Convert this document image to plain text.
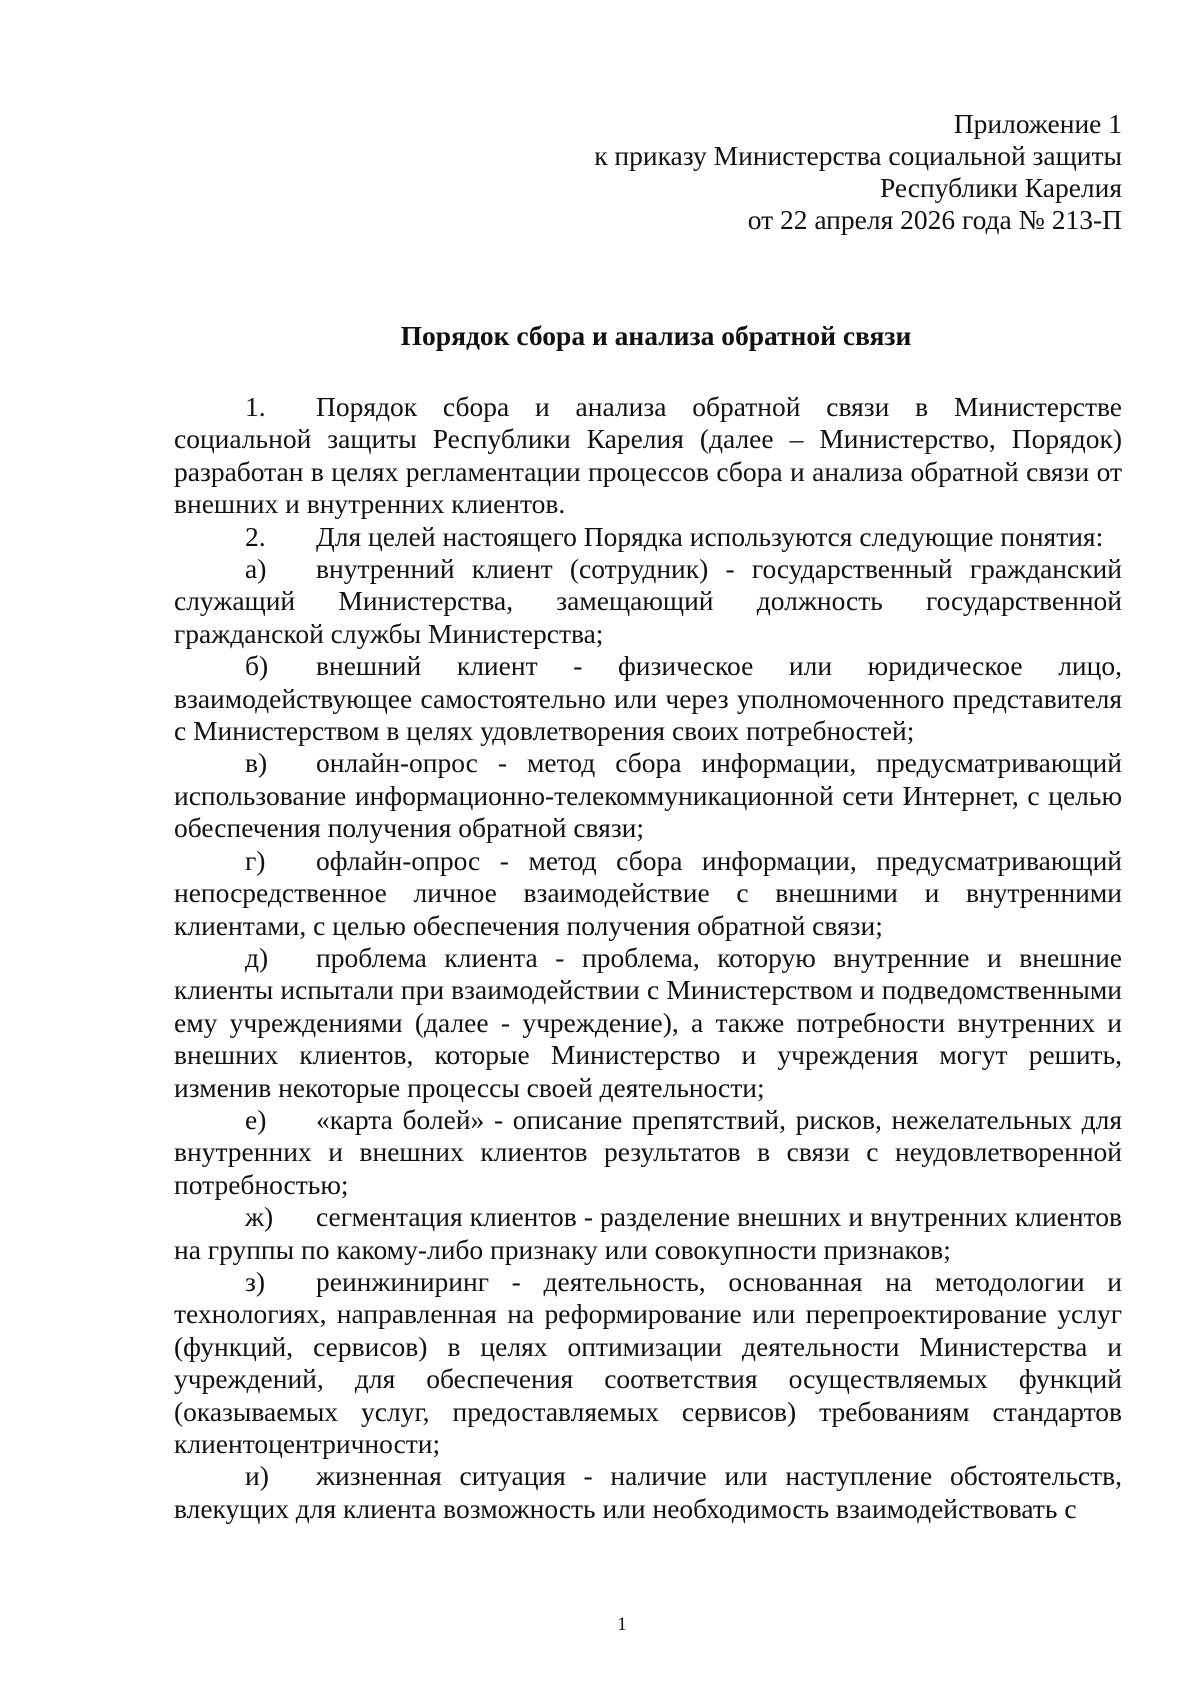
Приложение 1
к приказу Министерства социальной защиты
Республики Карелия
от 22 апреля 2026 года № 213-П
Порядок сбора и анализа обратной связи

1. Порядок сбора и анализа обратной связи в Министерстве социальной защиты Республики Карелия (далее – Министерство, Порядок) разработан в целях регламентации процессов сбора и анализа обратной связи от внешних и внутренних клиентов.

2. Для целей настоящего Порядка используются следующие понятия:

а) внутренний клиент (сотрудник) - государственный гражданский служащий Министерства, замещающий должность государственной гражданской службы Министерства;

б) внешний клиент - физическое или юридическое лицо, взаимодействующее самостоятельно или через уполномоченного представителя с Министерством в целях удовлетворения своих потребностей;

в) онлайн-опрос - метод сбора информации, предусматривающий использование информационно-телекоммуникационной сети Интернет, с целью обеспечения получения обратной связи;

г) офлайн-опрос - метод сбора информации, предусматривающий непосредственное личное взаимодействие с внешними и внутренними клиентами, с целью обеспечения получения обратной связи;

д) проблема клиента - проблема, которую внутренние и внешние клиенты испытали при взаимодействии с Министерством и подведомственными ему учреждениями (далее - учреждение), а также потребности внутренних и внешних клиентов, которые Министерство и учреждения могут решить, изменив некоторые процессы своей деятельности;

е) «карта болей» - описание препятствий, рисков, нежелательных для внутренних и внешних клиентов результатов в связи с неудовлетворенной потребностью;

ж) сегментация клиентов - разделение внешних и внутренних клиентов на группы по какому-либо признаку или совокупности признаков;

з) реинжиниринг - деятельность, основанная на методологии и технологиях, направленная на реформирование или перепроектирование услуг (функций, сервисов) в целях оптимизации деятельности Министерства и учреждений, для обеспечения соответствия осуществляемых функций (оказываемых услуг, предоставляемых сервисов) требованиям стандартов клиентоцентричности;

и) жизненная ситуация - наличие или наступление обстоятельств, влекущих для клиента возможность или необходимость взаимодействовать с

1
